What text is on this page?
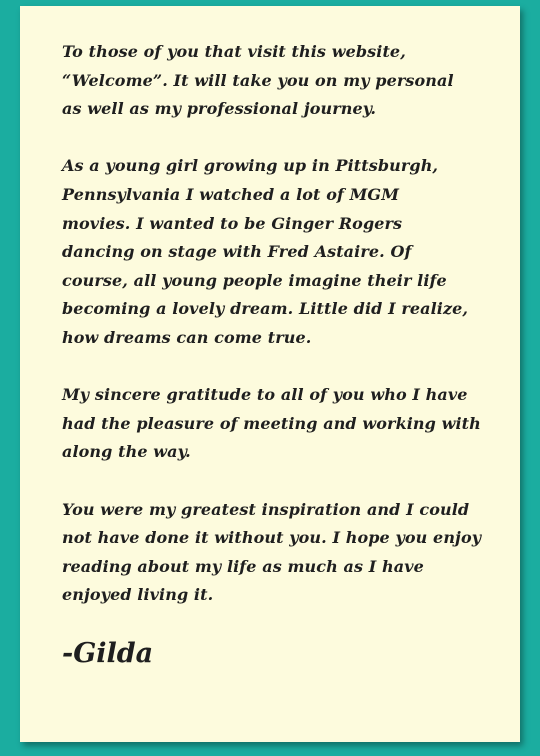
To those of you that visit this website,
“Welcome”. It will take you on my personal
as well as my professional journey.
As a young girl growing up in Pittsburgh,
Pennsylvania I watched a lot of MGM
movies. I wanted to be Ginger Rogers
dancing on stage with Fred Astaire. Of
course, all young people imagine their life
becoming a lovely dream. Little did I realize,
how dreams can come true.
My sincere gratitude to all of you who I have
had the pleasure of meeting and working with
along the way.
You were my greatest inspiration and I could
not have done it without you. I hope you enjoy
reading about my life as much as I have
enjoyed living it.
-Gilda
